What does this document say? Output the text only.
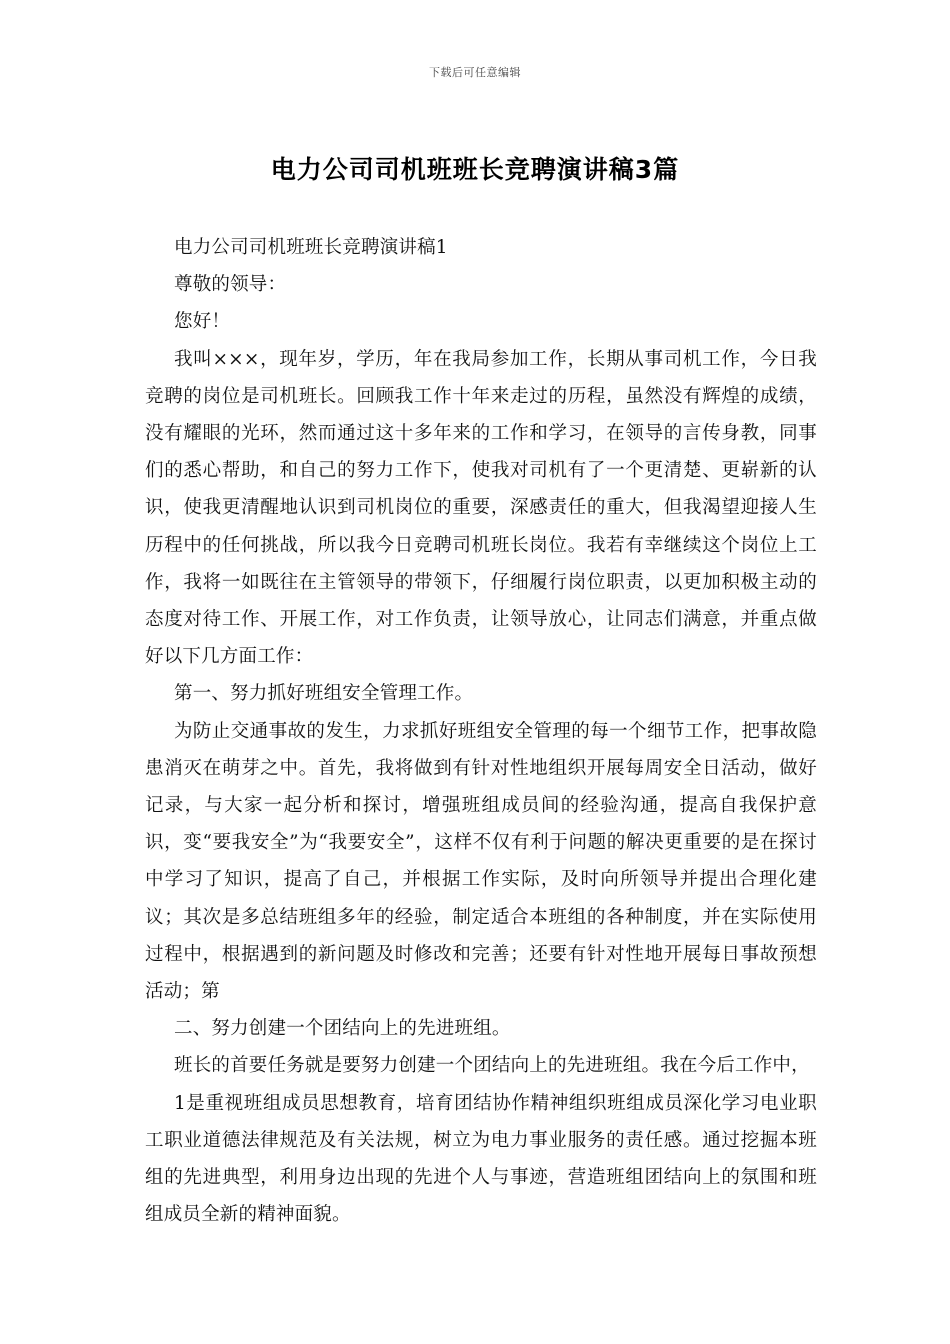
下载后可任意编辑
电力公司司机班班长竞聘演讲稿3篇

电力公司司机班班长竞聘演讲稿1

尊敬的领导：

您好！

我叫×××，现年岁，学历，年在我局参加工作，长期从事司机工作，今日我竞聘的岗位是司机班长。回顾我工作十年来走过的历程，虽然没有辉煌的成绩，没有耀眼的光环，然而通过这十多年来的工作和学习，在领导的言传身教，同事们的悉心帮助，和自己的努力工作下，使我对司机有了一个更清楚、更崭新的认识，使我更清醒地认识到司机岗位的重要，深感责任的重大，但我渴望迎接人生历程中的任何挑战，所以我今日竞聘司机班长岗位。我若有幸继续这个岗位上工作，我将一如既往在主管领导的带领下，仔细履行岗位职责，以更加积极主动的态度对待工作、开展工作，对工作负责，让领导放心，让同志们满意，并重点做好以下几方面工作：

第一、努力抓好班组安全管理工作。

为防止交通事故的发生，力求抓好班组安全管理的每一个细节工作，把事故隐患消灭在萌芽之中。首先，我将做到有针对性地组织开展每周安全日活动，做好记录，与大家一起分析和探讨，增强班组成员间的经验沟通，提高自我保护意识，变“要我安全”为“我要安全”，这样不仅有利于问题的解决更重要的是在探讨中学习了知识，提高了自己，并根据工作实际，及时向所领导并提出合理化建议；其次是多总结班组多年的经验，制定适合本班组的各种制度，并在实际使用过程中，根据遇到的新问题及时修改和完善；还要有针对性地开展每日事故预想活动；第

二、努力创建一个团结向上的先进班组。

班长的首要任务就是要努力创建一个团结向上的先进班组。我在今后工作中，

1是重视班组成员思想教育，培育团结协作精神组织班组成员深化学习电业职工职业道德法律规范及有关法规，树立为电力事业服务的责任感。通过挖掘本班组的先进典型，利用身边出现的先进个人与事迹，营造班组团结向上的氛围和班组成员全新的精神面貌。
